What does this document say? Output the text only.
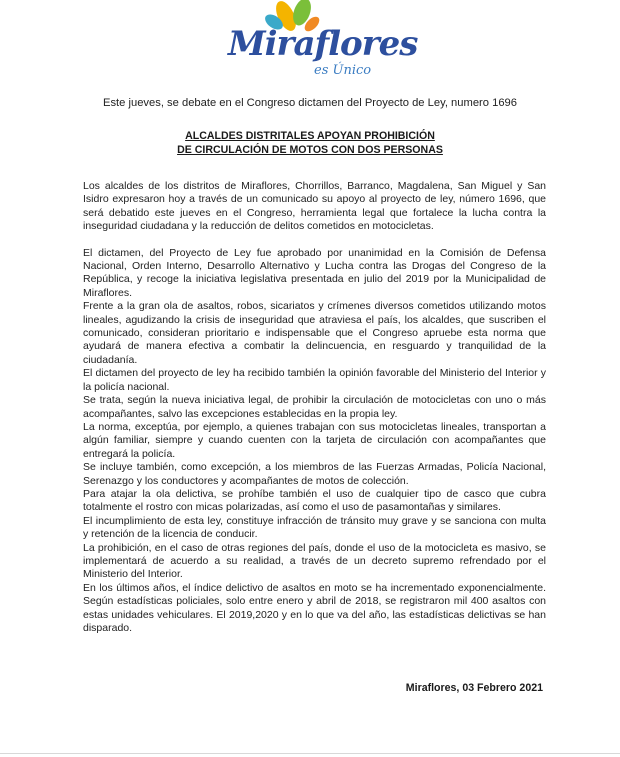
Miraflores
es Único
Este jueves, se debate en el Congreso dictamen del Proyecto de Ley, numero 1696
ALCALDES DISTRITALES APOYAN PROHIBICIÓN
DE CIRCULACIÓN DE MOTOS CON DOS PERSONAS

Los alcaldes de los distritos de Miraflores, Chorrillos, Barranco, Magdalena, San Miguel y San Isidro expresaron hoy a través de un comunicado su apoyo al proyecto de ley, número 1696, que será debatido este jueves en el Congreso, herramienta legal que fortalece la lucha contra la inseguridad ciudadana y la reducción de delitos cometidos en motocicletas.

El dictamen, del Proyecto de Ley fue aprobado por unanimidad en la Comisión de Defensa Nacional, Orden Interno, Desarrollo Alternativo y Lucha contra las Drogas del Congreso de la República, y recoge la iniciativa legislativa presentada en julio del 2019 por la Municipalidad de Miraflores.

Frente a la gran ola de asaltos, robos, sicariatos y crímenes diversos cometidos utilizando motos lineales, agudizando la crisis de inseguridad que atraviesa el país, los alcaldes, que suscriben el comunicado, consideran prioritario e indispensable que el Congreso apruebe esta norma que ayudará de manera efectiva a combatir la delincuencia, en resguardo y tranquilidad de la ciudadanía.

El dictamen del proyecto de ley ha recibido también la opinión favorable del Ministerio del Interior y la policía nacional.

Se trata, según la nueva iniciativa legal, de prohibir la circulación de motocicletas con uno o más acompañantes, salvo las excepciones establecidas en la propia ley.

La norma, exceptúa, por ejemplo, a quienes trabajan con sus motocicletas lineales, transportan a algún familiar, siempre y cuando cuenten con la tarjeta de circulación con acompañantes que entregará la policía.

Se incluye también, como excepción, a los miembros de las Fuerzas Armadas, Policía Nacional, Serenazgo y los conductores y acompañantes de motos de colección.

Para atajar la ola delictiva, se prohíbe también el uso de cualquier tipo de casco que cubra totalmente el rostro con micas polarizadas, así como el uso de pasamontañas y similares.

El incumplimiento de esta ley, constituye infracción de tránsito muy grave y se sanciona con multa y retención de la licencia de conducir.

La prohibición, en el caso de otras regiones del país, donde el uso de la motocicleta es masivo, se implementará de acuerdo a su realidad, a través de un decreto supremo refrendado por el Ministerio del Interior.

En los últimos años, el índice delictivo de asaltos en moto se ha incrementado exponencialmente. Según estadísticas policiales, solo entre enero y abril de 2018, se registraron mil 400 asaltos con estas unidades vehiculares. El 2019,2020 y en lo que va del año, las estadísticas delictivas se han disparado.

Miraflores, 03 Febrero 2021
